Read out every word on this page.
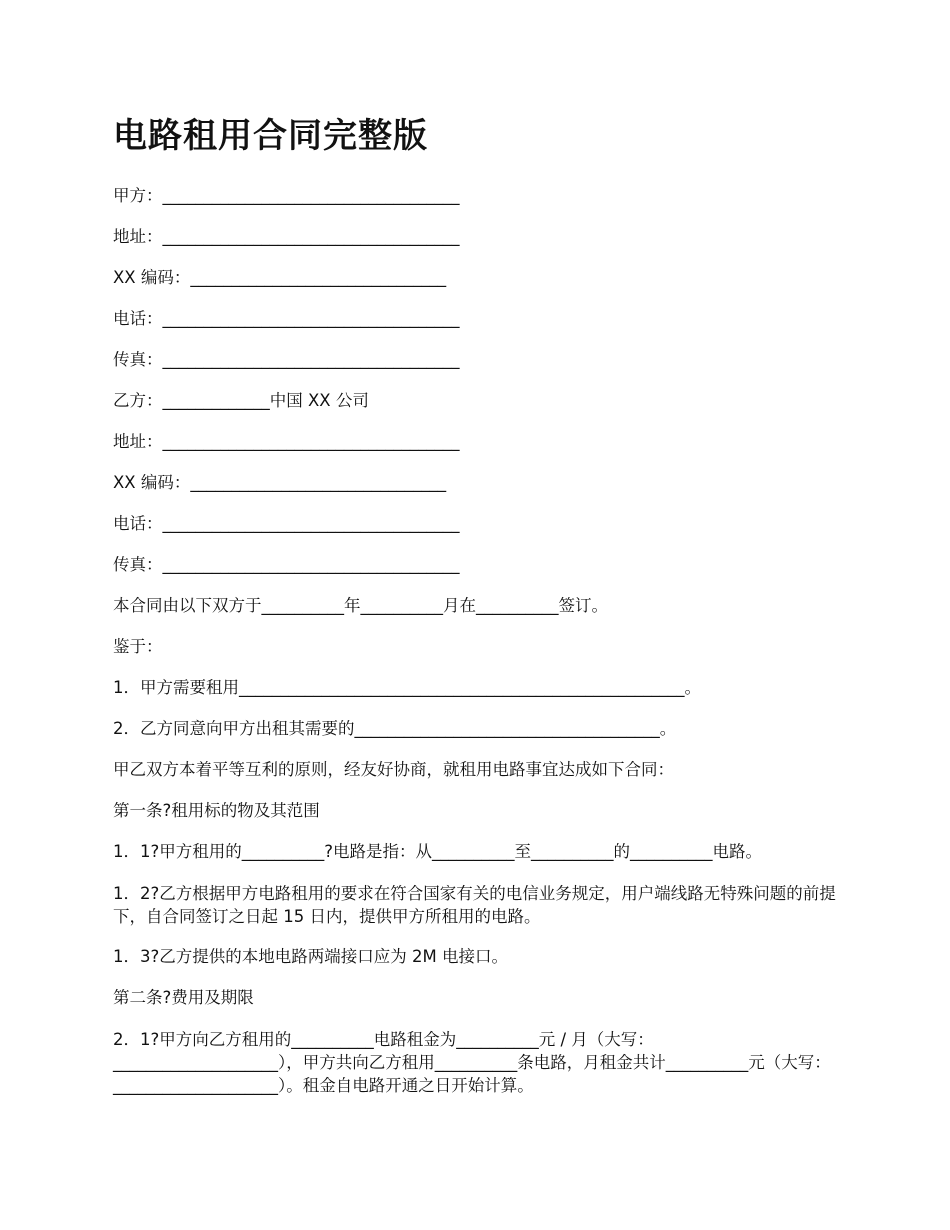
电路租用合同完整版
甲方：____________________________________
地址：____________________________________
XX 编码：_______________________________
电话：____________________________________
传真：____________________________________
乙方：_____________中国 XX 公司
地址：____________________________________
XX 编码：_______________________________
电话：____________________________________
传真：____________________________________
本合同由以下双方于__________年__________月在__________签订。
鉴于：
1．甲方需要租用______________________________________________________。
2．乙方同意向甲方出租其需要的_____________________________________。
甲乙双方本着平等互利的原则，经友好协商，就租用电路事宜达成如下合同：
第一条?租用标的物及其范围
1．1?甲方租用的__________?电路是指：从__________至__________的__________电路。
1．2?乙方根据甲方电路租用的要求在符合国家有关的电信业务规定，用户端线路无特殊问题的前提下，自合同签订之日起 15 日内，提供甲方所租用的电路。
1．3?乙方提供的本地电路两端接口应为 2M 电接口。
第二条?费用及期限
2．1?甲方向乙方租用的__________电路租金为__________元 / 月（大写：____________________），甲方共向乙方租用__________条电路，月租金共计__________元（大写：____________________）。租金自电路开通之日开始计算。
